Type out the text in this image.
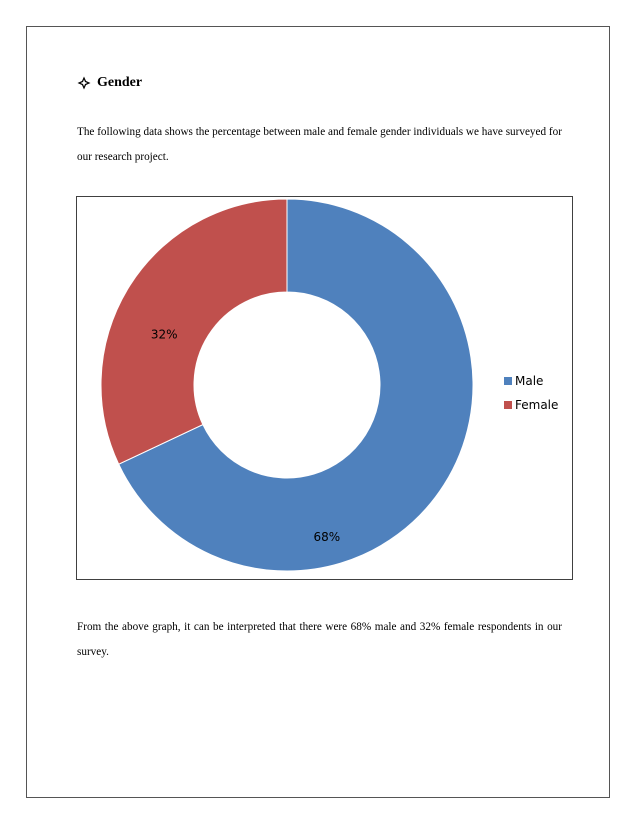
Gender
The following data shows the percentage between male and female gender individuals we have surveyed for our research project.
68%
32%
Male
Female
From the above graph, it can be interpreted that there were 68% male and 32% female respondents in our survey.
